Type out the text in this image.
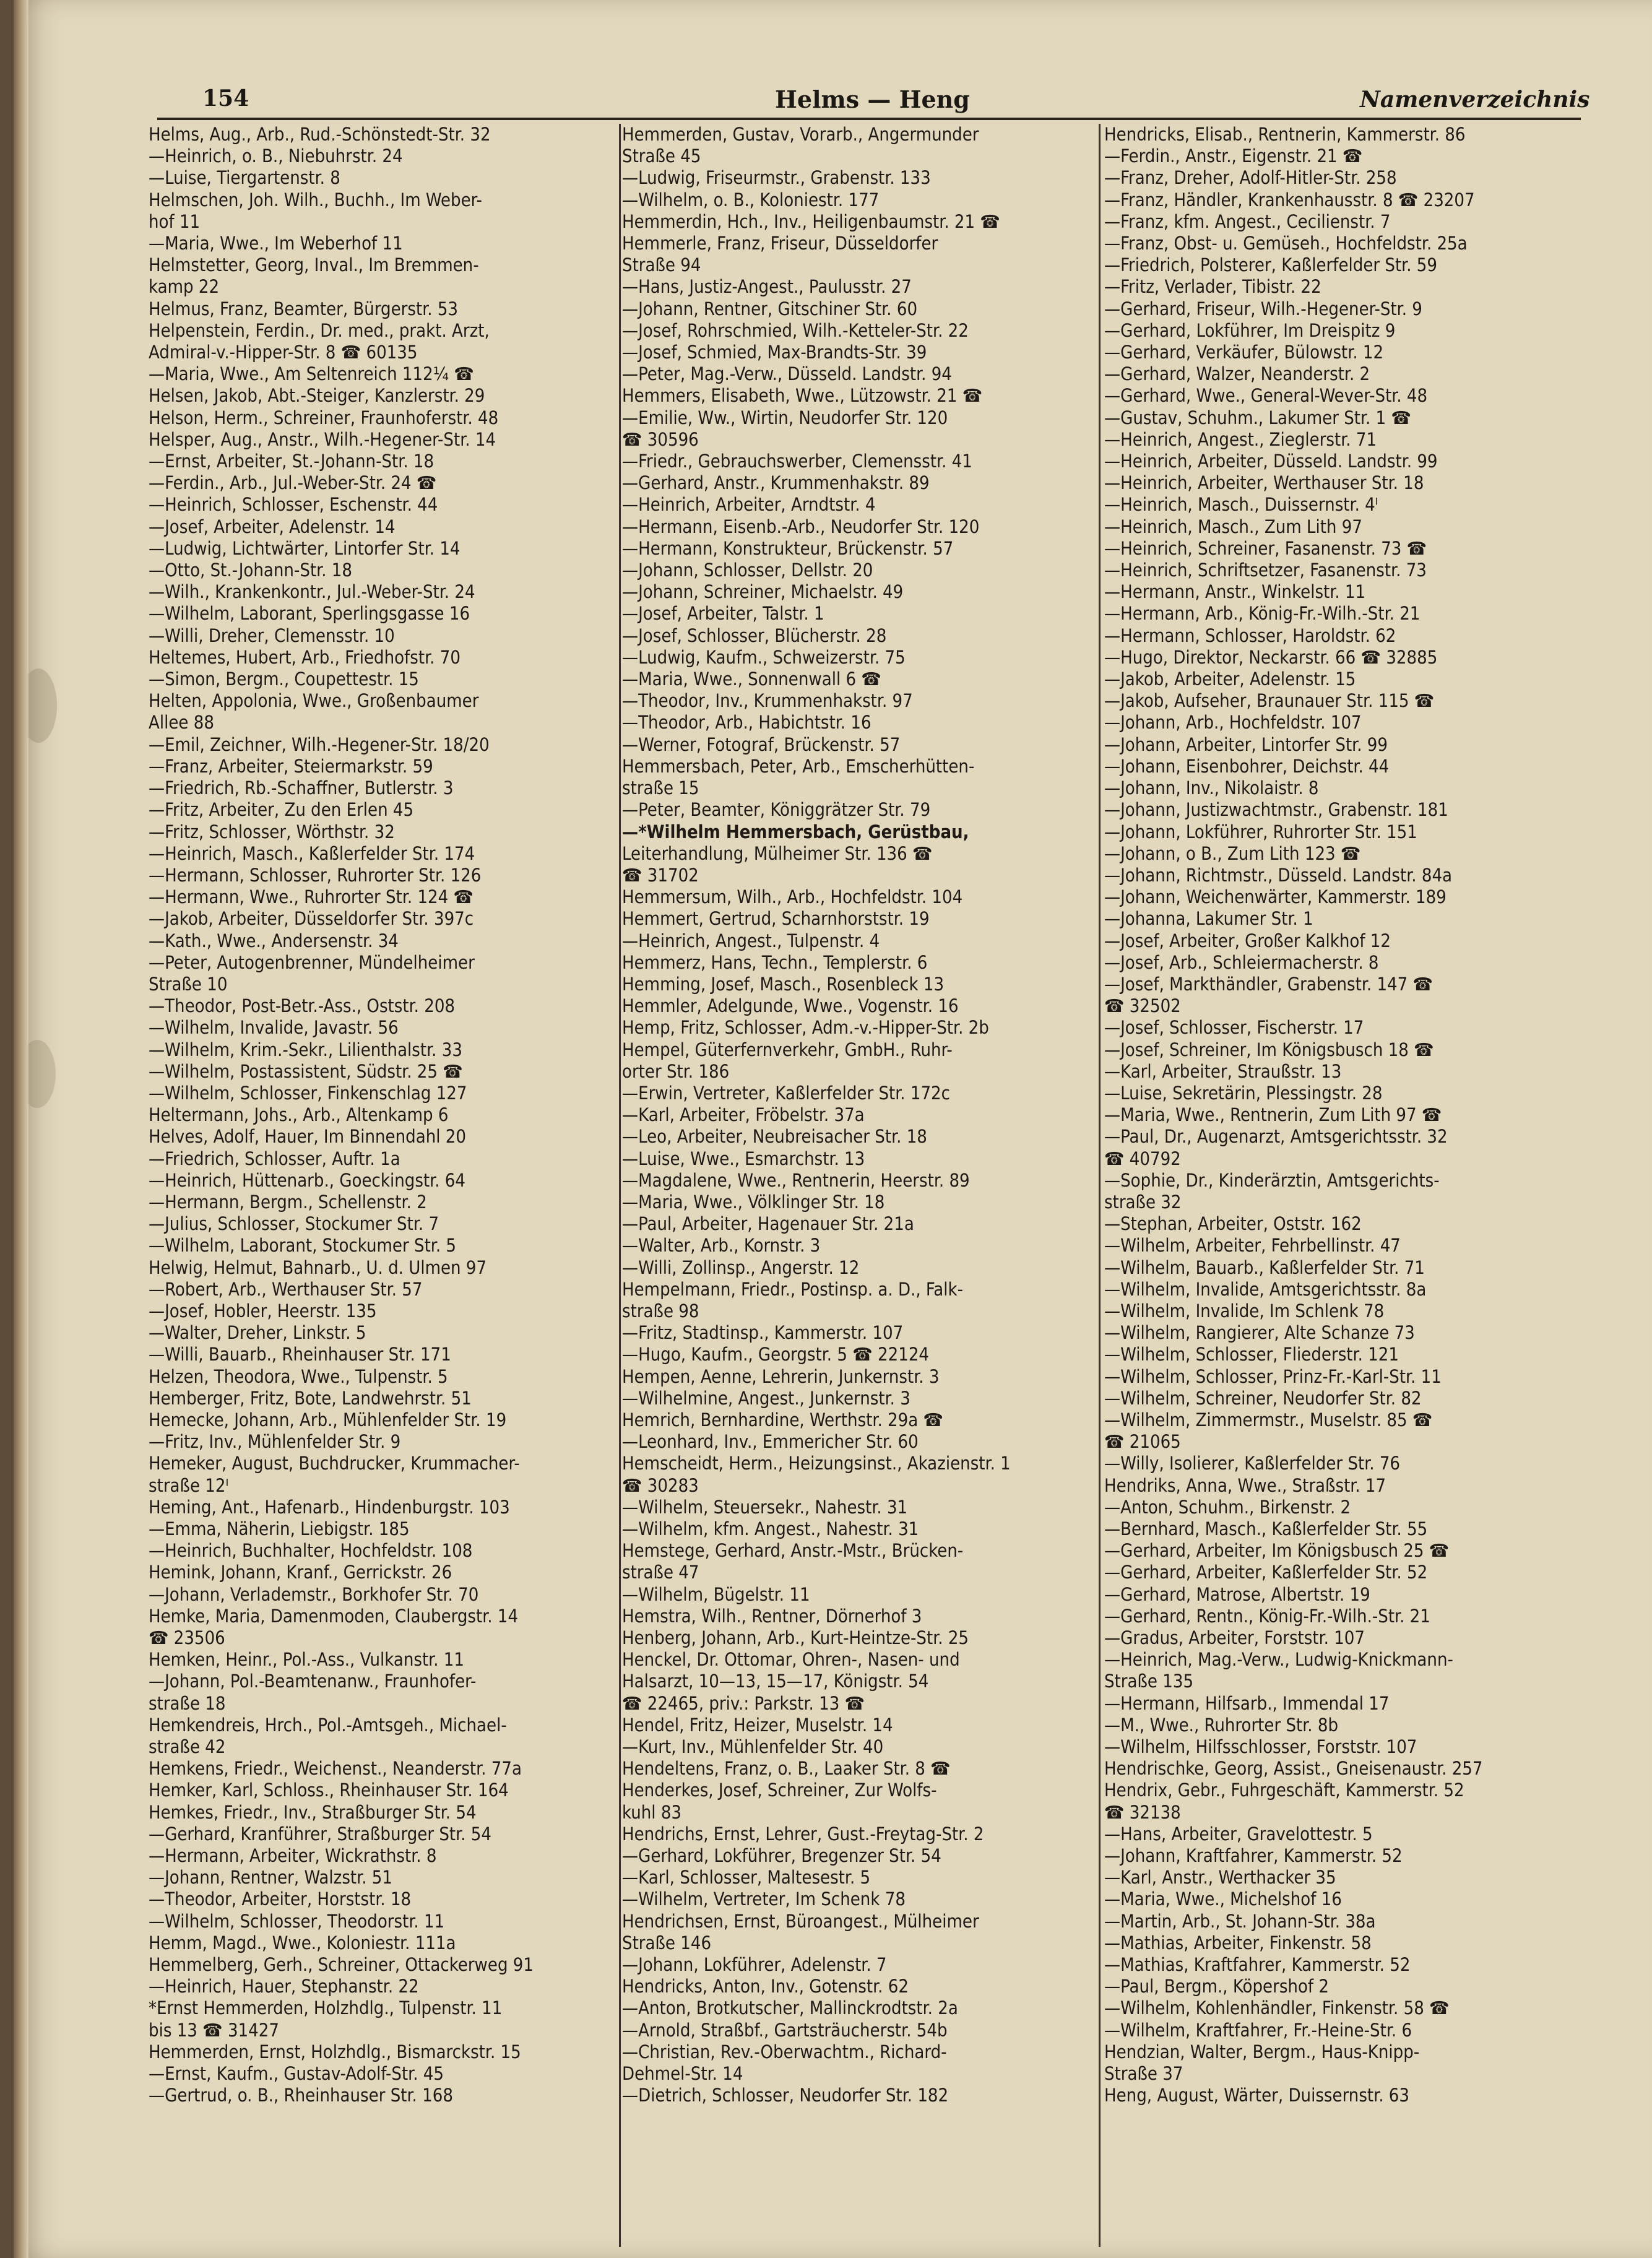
154	Helms — Heng	Namenverzeichnis
Helms, Aug., Arb., Rud.-Schönstedt-Str. 32
—Heinrich, o. B., Niebuhrstr. 24
—Luise, Tiergartenstr. 8
Helmschen, Joh. Wilh., Buchh., Im Weber-
hof 11
—Maria, Wwe., Im Weberhof 11
Helmstetter, Georg, Inval., Im Bremmen-
kamp 22
Helmus, Franz, Beamter, Bürgerstr. 53
Helpenstein, Ferdin., Dr. med., prakt. Arzt,
Admiral-v.-Hipper-Str. 8 ☎ 60135
—Maria, Wwe., Am Seltenreich 112¼ ☎
Helsen, Jakob, Abt.-Steiger, Kanzlerstr. 29
Helson, Herm., Schreiner, Fraunhoferstr. 48
Helsper, Aug., Anstr., Wilh.-Hegener-Str. 14
—Ernst, Arbeiter, St.-Johann-Str. 18
—Ferdin., Arb., Jul.-Weber-Str. 24 ☎
—Heinrich, Schlosser, Eschenstr. 44
—Josef, Arbeiter, Adelenstr. 14
—Ludwig, Lichtwärter, Lintorfer Str. 14
—Otto, St.-Johann-Str. 18
—Wilh., Krankenkontr., Jul.-Weber-Str. 24
—Wilhelm, Laborant, Sperlingsgasse 16
—Willi, Dreher, Clemensstr. 10
Heltemes, Hubert, Arb., Friedhofstr. 70
—Simon, Bergm., Coupettestr. 15
Helten, Appolonia, Wwe., Großenbaumer
Allee 88
—Emil, Zeichner, Wilh.-Hegener-Str. 18/20
—Franz, Arbeiter, Steiermarkstr. 59
—Friedrich, Rb.-Schaffner, Butlerstr. 3
—Fritz, Arbeiter, Zu den Erlen 45
—Fritz, Schlosser, Wörthstr. 32
—Heinrich, Masch., Kaßlerfelder Str. 174
—Hermann, Schlosser, Ruhrorter Str. 126
—Hermann, Wwe., Ruhrorter Str. 124 ☎
—Jakob, Arbeiter, Düsseldorfer Str. 397c
—Kath., Wwe., Andersenstr. 34
—Peter, Autogenbrenner, Mündelheimer
Straße 10
—Theodor, Post-Betr.-Ass., Oststr. 208
—Wilhelm, Invalide, Javastr. 56
—Wilhelm, Krim.-Sekr., Lilienthalstr. 33
—Wilhelm, Postassistent, Südstr. 25 ☎
—Wilhelm, Schlosser, Finkenschlag 127
Heltermann, Johs., Arb., Altenkamp 6
Helves, Adolf, Hauer, Im Binnendahl 20
—Friedrich, Schlosser, Auftr. 1a
—Heinrich, Hüttenarb., Goeckingstr. 64
—Hermann, Bergm., Schellenstr. 2
—Julius, Schlosser, Stockumer Str. 7
—Wilhelm, Laborant, Stockumer Str. 5
Helwig, Helmut, Bahnarb., U. d. Ulmen 97
—Robert, Arb., Werthauser Str. 57
—Josef, Hobler, Heerstr. 135
—Walter, Dreher, Linkstr. 5
—Willi, Bauarb., Rheinhauser Str. 171
Helzen, Theodora, Wwe., Tulpenstr. 5
Hemberger, Fritz, Bote, Landwehrstr. 51
Hemecke, Johann, Arb., Mühlenfelder Str. 19
—Fritz, Inv., Mühlenfelder Str. 9
Hemeker, August, Buchdrucker, Krummacher-
straße 12ᴵ
Heming, Ant., Hafenarb., Hindenburgstr. 103
—Emma, Näherin, Liebigstr. 185
—Heinrich, Buchhalter, Hochfeldstr. 108
Hemink, Johann, Kranf., Gerrickstr. 26
—Johann, Verlademstr., Borkhofer Str. 70
Hemke, Maria, Damenmoden, Claubergstr. 14
☎ 23506
Hemken, Heinr., Pol.-Ass., Vulkanstr. 11
—Johann, Pol.-Beamtenanw., Fraunhofer-
straße 18
Hemkendreis, Hrch., Pol.-Amtsgeh., Michael-
straße 42
Hemkens, Friedr., Weichenst., Neanderstr. 77a
Hemker, Karl, Schloss., Rheinhauser Str. 164
Hemkes, Friedr., Inv., Straßburger Str. 54
—Gerhard, Kranführer, Straßburger Str. 54
—Hermann, Arbeiter, Wickrathstr. 8
—Johann, Rentner, Walzstr. 51
—Theodor, Arbeiter, Horststr. 18
—Wilhelm, Schlosser, Theodorstr. 11
Hemm, Magd., Wwe., Koloniestr. 111a
Hemmelberg, Gerh., Schreiner, Ottackerweg 91
—Heinrich, Hauer, Stephanstr. 22
*Ernst Hemmerden, Holzhdlg., Tulpenstr. 11
bis 13 ☎ 31427
Hemmerden, Ernst, Holzhdlg., Bismarckstr. 15
—Ernst, Kaufm., Gustav-Adolf-Str. 45
—Gertrud, o. B., Rheinhauser Str. 168
Hemmerden, Gustav, Vorarb., Angermunder
Straße 45
—Ludwig, Friseurmstr., Grabenstr. 133
—Wilhelm, o. B., Koloniestr. 177
Hemmerdin, Hch., Inv., Heiligenbaumstr. 21 ☎
Hemmerle, Franz, Friseur, Düsseldorfer
Straße 94
—Hans, Justiz-Angest., Paulusstr. 27
—Johann, Rentner, Gitschiner Str. 60
—Josef, Rohrschmied, Wilh.-Ketteler-Str. 22
—Josef, Schmied, Max-Brandts-Str. 39
—Peter, Mag.-Verw., Düsseld. Landstr. 94
Hemmers, Elisabeth, Wwe., Lützowstr. 21 ☎
—Emilie, Ww., Wirtin, Neudorfer Str. 120
☎ 30596
—Friedr., Gebrauchswerber, Clemensstr. 41
—Gerhard, Anstr., Krummenhakstr. 89
—Heinrich, Arbeiter, Arndtstr. 4
—Hermann, Eisenb.-Arb., Neudorfer Str. 120
—Hermann, Konstrukteur, Brückenstr. 57
—Johann, Schlosser, Dellstr. 20
—Johann, Schreiner, Michaelstr. 49
—Josef, Arbeiter, Talstr. 1
—Josef, Schlosser, Blücherstr. 28
—Ludwig, Kaufm., Schweizerstr. 75
—Maria, Wwe., Sonnenwall 6 ☎
—Theodor, Inv., Krummenhakstr. 97
—Theodor, Arb., Habichtstr. 16
—Werner, Fotograf, Brückenstr. 57
Hemmersbach, Peter, Arb., Emscherhütten-
straße 15
—Peter, Beamter, Königgrätzer Str. 79
—*Wilhelm Hemmersbach, Gerüstbau,
Leiterhandlung, Mülheimer Str. 136 ☎
☎ 31702
Hemmersum, Wilh., Arb., Hochfeldstr. 104
Hemmert, Gertrud, Scharnhorststr. 19
—Heinrich, Angest., Tulpenstr. 4
Hemmerz, Hans, Techn., Templerstr. 6
Hemming, Josef, Masch., Rosenbleck 13
Hemmler, Adelgunde, Wwe., Vogenstr. 16
Hemp, Fritz, Schlosser, Adm.-v.-Hipper-Str. 2b
Hempel, Güterfernverkehr, GmbH., Ruhr-
orter Str. 186
—Erwin, Vertreter, Kaßlerfelder Str. 172c
—Karl, Arbeiter, Fröbelstr. 37a
—Leo, Arbeiter, Neubreisacher Str. 18
—Luise, Wwe., Esmarchstr. 13
—Magdalene, Wwe., Rentnerin, Heerstr. 89
—Maria, Wwe., Völklinger Str. 18
—Paul, Arbeiter, Hagenauer Str. 21a
—Walter, Arb., Kornstr. 3
—Willi, Zollinsp., Angerstr. 12
Hempelmann, Friedr., Postinsp. a. D., Falk-
straße 98
—Fritz, Stadtinsp., Kammerstr. 107
—Hugo, Kaufm., Georgstr. 5 ☎ 22124
Hempen, Aenne, Lehrerin, Junkernstr. 3
—Wilhelmine, Angest., Junkernstr. 3
Hemrich, Bernhardine, Werthstr. 29a ☎
—Leonhard, Inv., Emmericher Str. 60
Hemscheidt, Herm., Heizungsinst., Akazienstr. 1
☎ 30283
—Wilhelm, Steuersekr., Nahestr. 31
—Wilhelm, kfm. Angest., Nahestr. 31
Hemstege, Gerhard, Anstr.-Mstr., Brücken-
straße 47
—Wilhelm, Bügelstr. 11
Hemstra, Wilh., Rentner, Dörnerhof 3
Henberg, Johann, Arb., Kurt-Heintze-Str. 25
Henckel, Dr. Ottomar, Ohren-, Nasen- und
Halsarzt, 10—13, 15—17, Königstr. 54
☎ 22465, priv.: Parkstr. 13 ☎
Hendel, Fritz, Heizer, Muselstr. 14
—Kurt, Inv., Mühlenfelder Str. 40
Hendeltens, Franz, o. B., Laaker Str. 8 ☎
Henderkes, Josef, Schreiner, Zur Wolfs-
kuhl 83
Hendrichs, Ernst, Lehrer, Gust.-Freytag-Str. 2
—Gerhard, Lokführer, Bregenzer Str. 54
—Karl, Schlosser, Maltesestr. 5
—Wilhelm, Vertreter, Im Schenk 78
Hendrichsen, Ernst, Büroangest., Mülheimer
Straße 146
—Johann, Lokführer, Adelenstr. 7
Hendricks, Anton, Inv., Gotenstr. 62
—Anton, Brotkutscher, Mallinckrodtstr. 2a
—Arnold, Straßbf., Gartsträucherstr. 54b
—Christian, Rev.-Oberwachtm., Richard-
Dehmel-Str. 14
—Dietrich, Schlosser, Neudorfer Str. 182
Hendricks, Elisab., Rentnerin, Kammerstr. 86
—Ferdin., Anstr., Eigenstr. 21 ☎
—Franz, Dreher, Adolf-Hitler-Str. 258
—Franz, Händler, Krankenhausstr. 8 ☎ 23207
—Franz, kfm. Angest., Cecilienstr. 7
—Franz, Obst- u. Gemüseh., Hochfeldstr. 25a
—Friedrich, Polsterer, Kaßlerfelder Str. 59
—Fritz, Verlader, Tibistr. 22
—Gerhard, Friseur, Wilh.-Hegener-Str. 9
—Gerhard, Lokführer, Im Dreispitz 9
—Gerhard, Verkäufer, Bülowstr. 12
—Gerhard, Walzer, Neanderstr. 2
—Gerhard, Wwe., General-Wever-Str. 48
—Gustav, Schuhm., Lakumer Str. 1 ☎
—Heinrich, Angest., Zieglerstr. 71
—Heinrich, Arbeiter, Düsseld. Landstr. 99
—Heinrich, Arbeiter, Werthauser Str. 18
—Heinrich, Masch., Duissernstr. 4ᴵ
—Heinrich, Masch., Zum Lith 97
—Heinrich, Schreiner, Fasanenstr. 73 ☎
—Heinrich, Schriftsetzer, Fasanenstr. 73
—Hermann, Anstr., Winkelstr. 11
—Hermann, Arb., König-Fr.-Wilh.-Str. 21
—Hermann, Schlosser, Haroldstr. 62
—Hugo, Direktor, Neckarstr. 66 ☎ 32885
—Jakob, Arbeiter, Adelenstr. 15
—Jakob, Aufseher, Braunauer Str. 115 ☎
—Johann, Arb., Hochfeldstr. 107
—Johann, Arbeiter, Lintorfer Str. 99
—Johann, Eisenbohrer, Deichstr. 44
—Johann, Inv., Nikolaistr. 8
—Johann, Justizwachtmstr., Grabenstr. 181
—Johann, Lokführer, Ruhrorter Str. 151
—Johann, o B., Zum Lith 123 ☎
—Johann, Richtmstr., Düsseld. Landstr. 84a
—Johann, Weichenwärter, Kammerstr. 189
—Johanna, Lakumer Str. 1
—Josef, Arbeiter, Großer Kalkhof 12
—Josef, Arb., Schleiermacherstr. 8
—Josef, Markthändler, Grabenstr. 147 ☎
☎ 32502
—Josef, Schlosser, Fischerstr. 17
—Josef, Schreiner, Im Königsbusch 18 ☎
—Karl, Arbeiter, Straußstr. 13
—Luise, Sekretärin, Plessingstr. 28
—Maria, Wwe., Rentnerin, Zum Lith 97 ☎
—Paul, Dr., Augenarzt, Amtsgerichtsstr. 32
☎ 40792
—Sophie, Dr., Kinderärztin, Amtsgerichts-
straße 32
—Stephan, Arbeiter, Oststr. 162
—Wilhelm, Arbeiter, Fehrbellinstr. 47
—Wilhelm, Bauarb., Kaßlerfelder Str. 71
—Wilhelm, Invalide, Amtsgerichtsstr. 8a
—Wilhelm, Invalide, Im Schlenk 78
—Wilhelm, Rangierer, Alte Schanze 73
—Wilhelm, Schlosser, Fliederstr. 121
—Wilhelm, Schlosser, Prinz-Fr.-Karl-Str. 11
—Wilhelm, Schreiner, Neudorfer Str. 82
—Wilhelm, Zimmermstr., Muselstr. 85 ☎
☎ 21065
—Willy, Isolierer, Kaßlerfelder Str. 76
Hendriks, Anna, Wwe., Straßstr. 17
—Anton, Schuhm., Birkenstr. 2
—Bernhard, Masch., Kaßlerfelder Str. 55
—Gerhard, Arbeiter, Im Königsbusch 25 ☎
—Gerhard, Arbeiter, Kaßlerfelder Str. 52
—Gerhard, Matrose, Albertstr. 19
—Gerhard, Rentn., König-Fr.-Wilh.-Str. 21
—Gradus, Arbeiter, Forststr. 107
—Heinrich, Mag.-Verw., Ludwig-Knickmann-
Straße 135
—Hermann, Hilfsarb., Immendal 17
—M., Wwe., Ruhrorter Str. 8b
—Wilhelm, Hilfsschlosser, Forststr. 107
Hendrischke, Georg, Assist., Gneisenaustr. 257
Hendrix, Gebr., Fuhrgeschäft, Kammerstr. 52
☎ 32138
—Hans, Arbeiter, Gravelottestr. 5
—Johann, Kraftfahrer, Kammerstr. 52
—Karl, Anstr., Werthacker 35
—Maria, Wwe., Michelshof 16
—Martin, Arb., St. Johann-Str. 38a
—Mathias, Arbeiter, Finkenstr. 58
—Mathias, Kraftfahrer, Kammerstr. 52
—Paul, Bergm., Köpershof 2
—Wilhelm, Kohlenhändler, Finkenstr. 58 ☎
—Wilhelm, Kraftfahrer, Fr.-Heine-Str. 6
Hendzian, Walter, Bergm., Haus-Knipp-
Straße 37
Heng, August, Wärter, Duissernstr. 63
